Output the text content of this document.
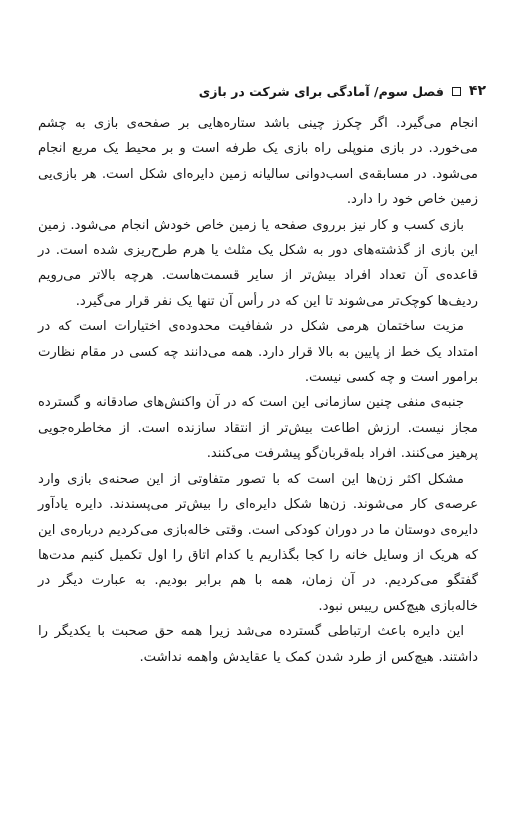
۴۲
فصل سوم/ آمادگی برای شرکت در بازی

انجام می‌گیرد. اگر چکرز چینی باشد ستاره‌هایی بر صفحه‌ی بازی به چشم می‌خورد. در بازی منوپلی راه بازی یک طرفه است و بر محیط یک مربع انجام می‌شود. در مسابقه‌ی اسب‌دوانی سالیانه زمین دایره‌ای شکل است. هر بازی‌یی زمین خاص خود را دارد.

بازی کسب و کار نیز برروی صفحه یا زمین خاص خودش انجام می‌شود. زمین این بازی از گذشته‌های دور به شکل یک مثلث یا هرم طرح‌ریزی شده است. در قاعده‌ی آن تعداد افراد بیش‌تر از سایر قسمت‌هاست. هرچه بالاتر می‌رویم ردیف‌ها کوچک‌تر می‌شوند تا این که در رأس آن تنها یک نفر قرار می‌گیرد.

مزیت ساختمان هرمی شکل در شفافیت محدوده‌ی اختیارات است که در امتداد یک خط از پایین به بالا قرار دارد. همه می‌دانند چه کسی در مقام نظارت برامور است و چه کسی نیست.

جنبه‌ی منفی چنین سازمانی این است که در آن واکنش‌های صادقانه و گسترده مجاز نیست. ارزش اطاعت بیش‌تر از انتقاد سازنده است. از مخاطره‌جویی پرهیز می‌کنند. افراد بله‌قربان‌گو پیشرفت می‌کنند.

مشکل اکثر زن‌ها این است که با تصور متفاوتی از این صحنه‌ی بازی وارد عرصه‌ی کار می‌شوند. زن‌ها شکل دایره‌ای را بیش‌تر می‌پسندند. دایره یادآور دایره‌ی دوستان ما در دوران کودکی است. وقتی خاله‌بازی می‌کردیم درباره‌ی این که هریک از وسایل خانه را کجا بگذاریم یا کدام اتاق را اول تکمیل کنیم مدت‌ها گفتگو می‌کردیم. در آن زمان، همه با هم برابر بودیم. به عبارت دیگر در خاله‌بازی هیچ‌کس رییس نبود.

این دایره باعث ارتباطی گسترده می‌شد زیرا همه حق صحبت با یکدیگر را داشتند. هیچ‌کس از طرد شدن کمک یا عقایدش واهمه نداشت.
